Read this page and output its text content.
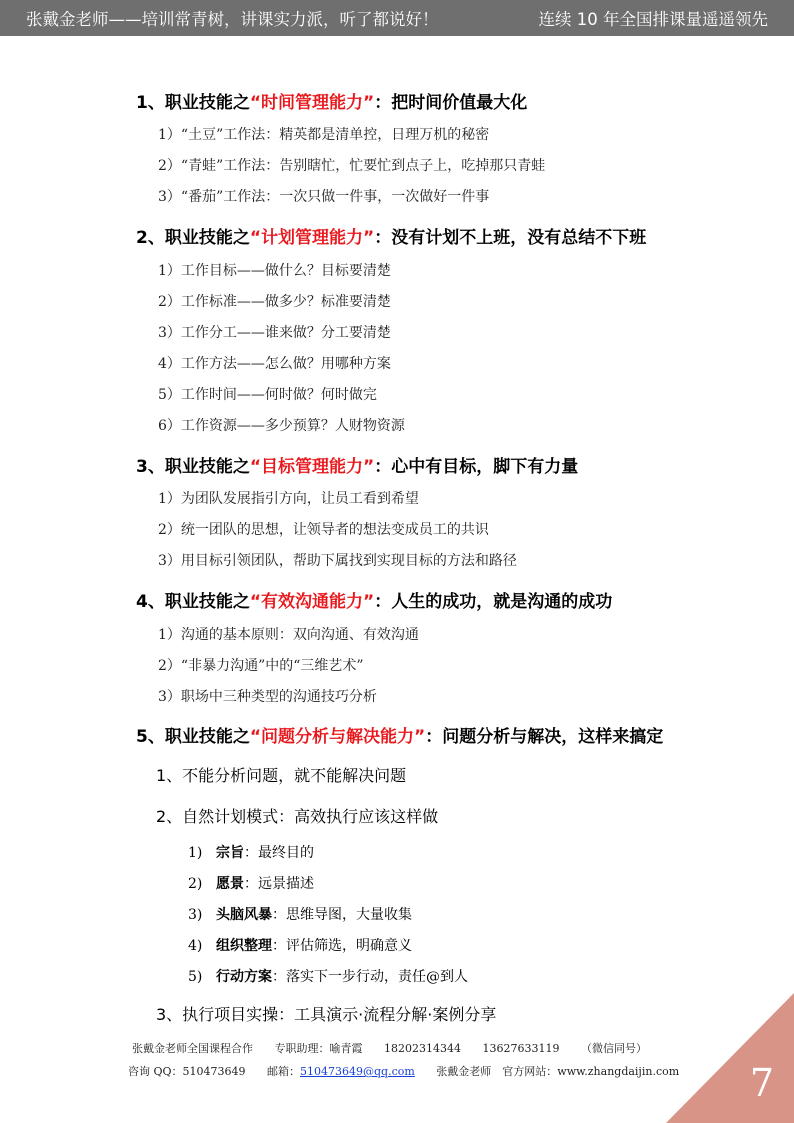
张戴金老师——培训常青树，讲课实力派，听了都说好！	连续 10 年全国排课量遥遥领先
1、职业技能之“时间管理能力”：把时间价值最大化
1）“土豆”工作法：精英都是清单控，日理万机的秘密
2）“青蛙”工作法：告别瞎忙，忙要忙到点子上，吃掉那只青蛙
3）“番茄”工作法：一次只做一件事，一次做好一件事
2、职业技能之“计划管理能力”：没有计划不上班，没有总结不下班
1）工作目标——做什么？目标要清楚
2）工作标准——做多少？标准要清楚
3）工作分工——谁来做？分工要清楚
4）工作方法——怎么做？用哪种方案
5）工作时间——何时做？何时做完
6）工作资源——多少预算？人财物资源
3、职业技能之“目标管理能力”：心中有目标，脚下有力量
1）为团队发展指引方向，让员工看到希望
2）统一团队的思想，让领导者的想法变成员工的共识
3）用目标引领团队，帮助下属找到实现目标的方法和路径
4、职业技能之“有效沟通能力”：人生的成功，就是沟通的成功
1）沟通的基本原则：双向沟通、有效沟通
2）“非暴力沟通”中的“三维艺术”
3）职场中三种类型的沟通技巧分析
5、职业技能之“问题分析与解决能力”：问题分析与解决，这样来搞定
1、不能分析问题，就不能解决问题
2、自然计划模式：高效执行应该这样做
1) 宗旨：最终目的
2) 愿景：远景描述
3) 头脑风暴：思维导图，大量收集
4) 组织整理：评估筛选，明确意义
5) 行动方案：落实下一步行动，责任@到人
3、执行项目实操：工具演示·流程分解·案例分享
张戴金老师全国课程合作 专职助理：喻青霞 18202314344 13627633119 （微信同号）
咨询 QQ：510473649 邮箱：510473649@qq.com 张戴金老师　官方网站：www.zhangdaijin.com	7
